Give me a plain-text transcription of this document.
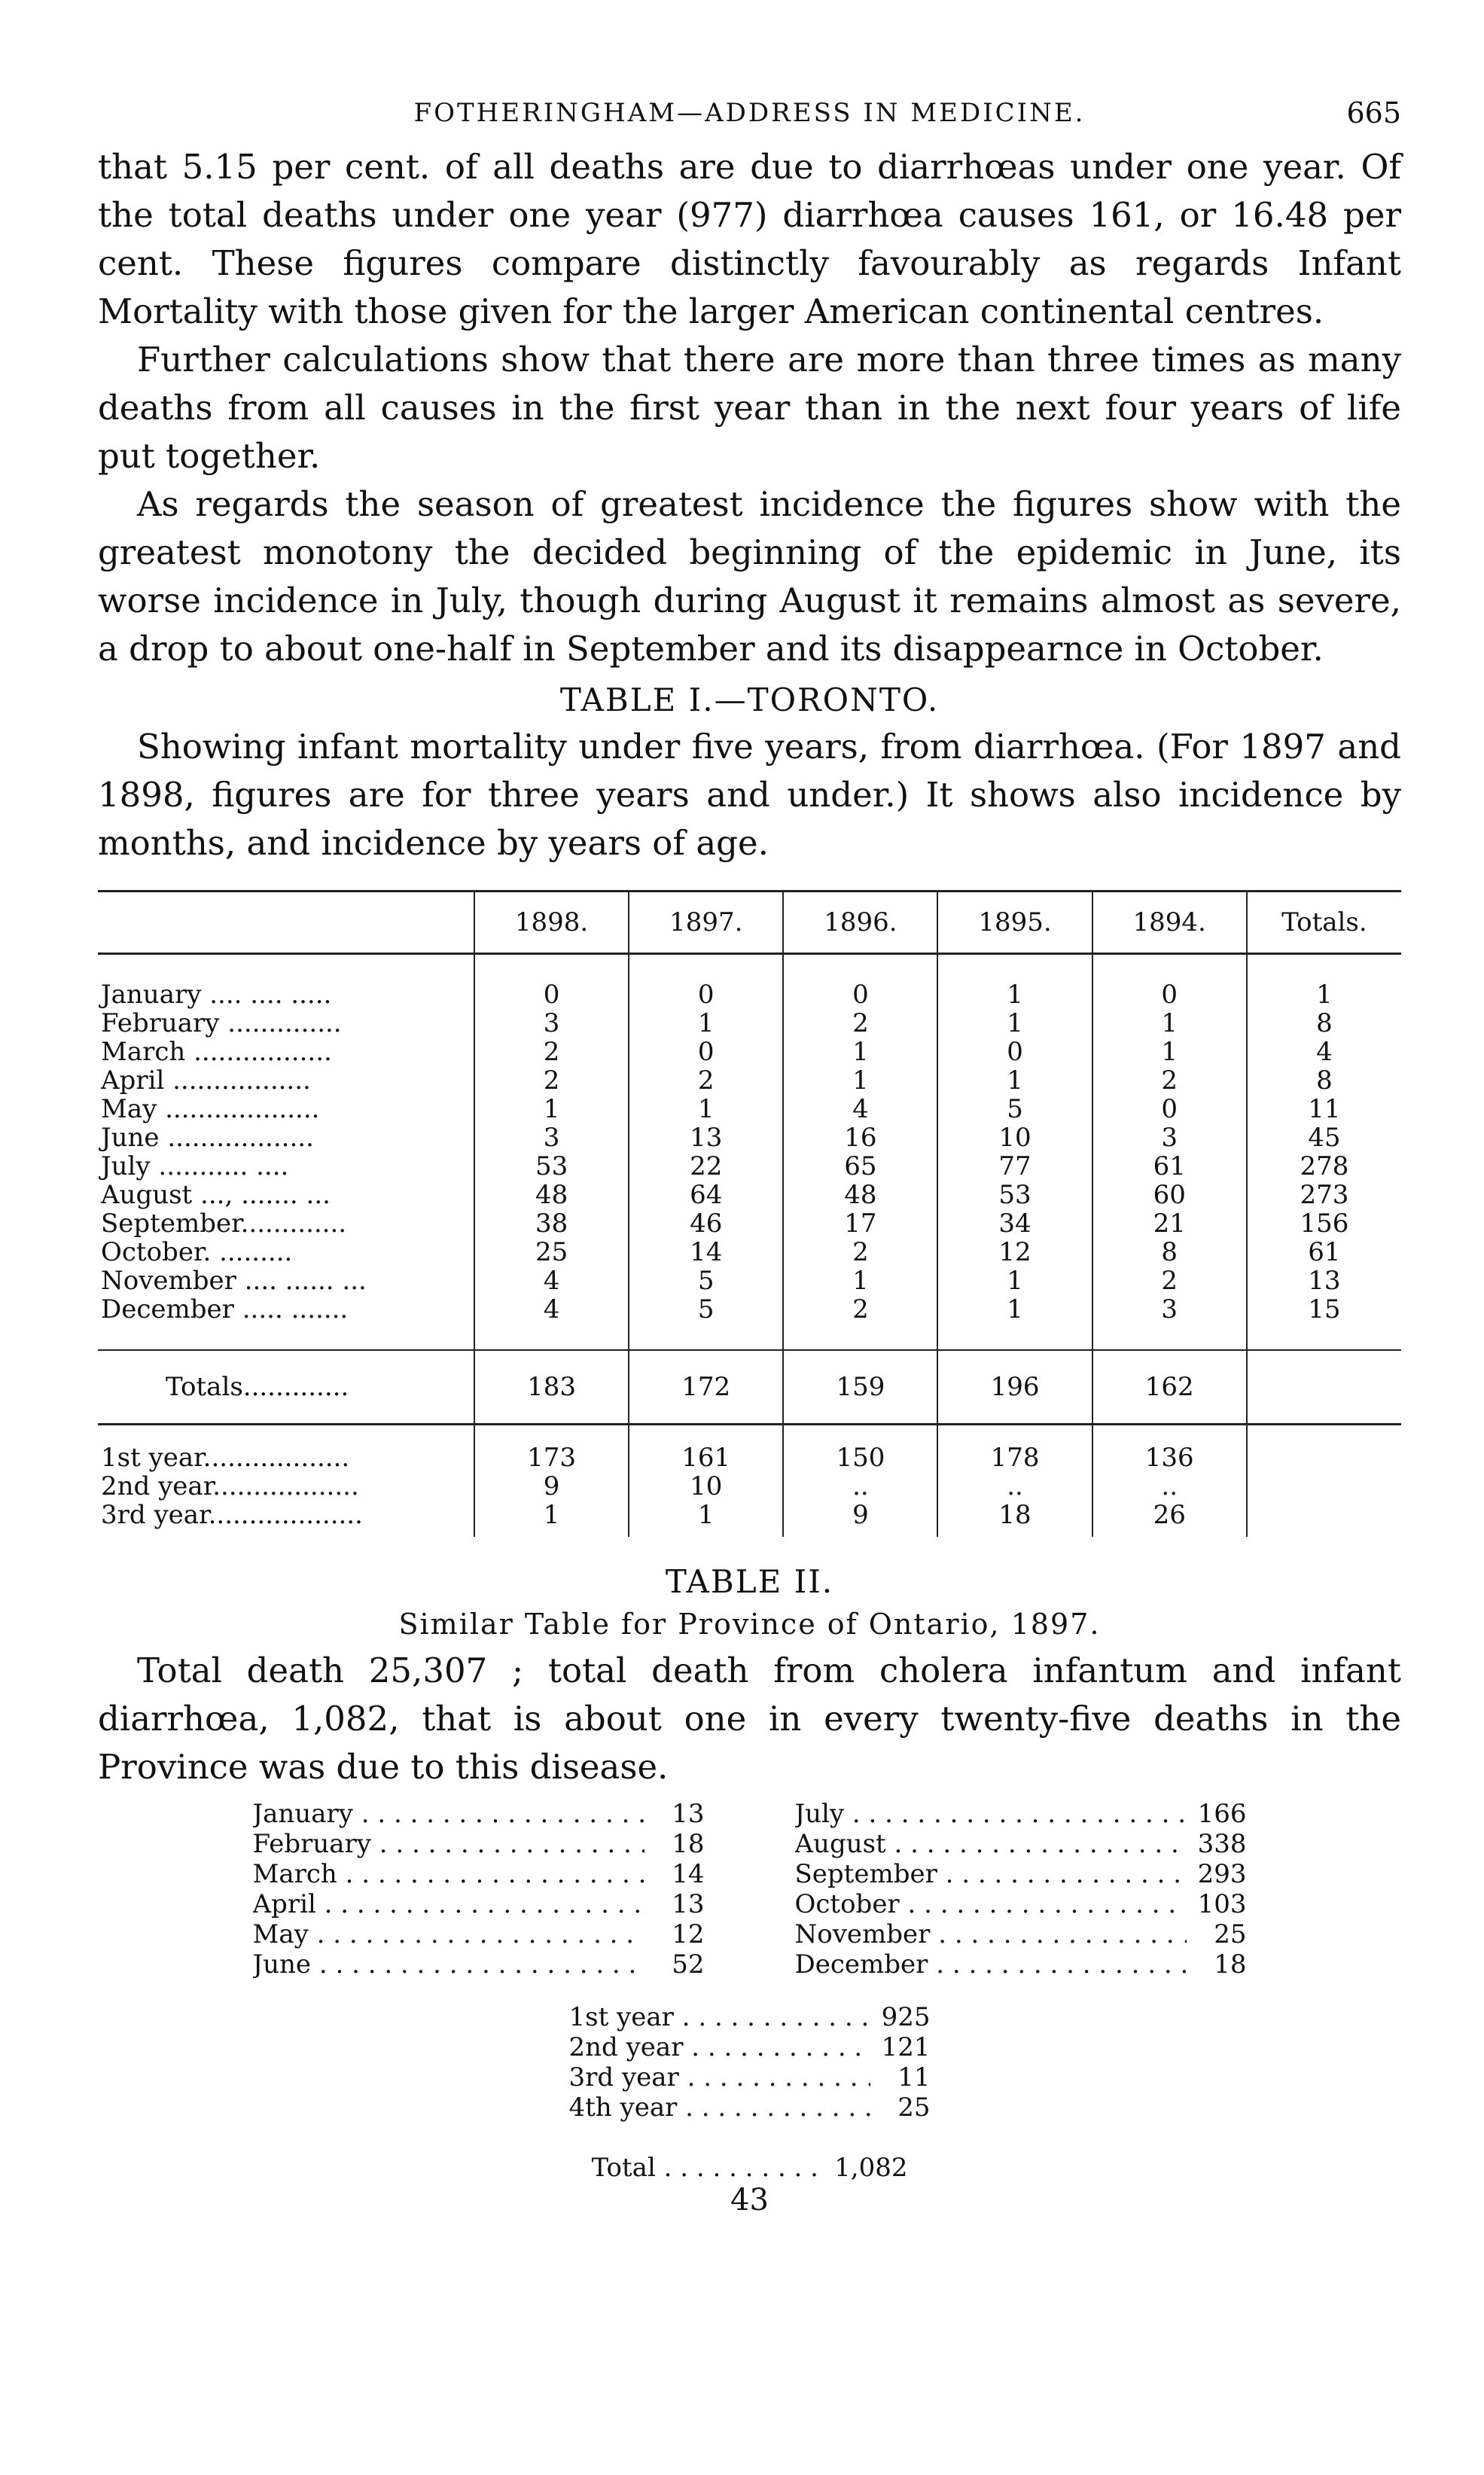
FOTHERINGHAM—ADDRESS IN MEDICINE.	665

that 5.15 per cent. of all deaths are due to diarrhœas under one year. Of the total deaths under one year (977) diarrhœa causes 161, or 16.48 per cent. These figures compare distinctly favourably as regards Infant Mortality with those given for the larger American continental centres.

Further calculations show that there are more than three times as many deaths from all causes in the first year than in the next four years of life put together.

As regards the season of greatest incidence the figures show with the greatest monotony the decided beginning of the epidemic in June, its worse incidence in July, though during August it remains almost as severe, a drop to about one-half in September and its disappearnce in October.

TABLE I.—TORONTO.

Showing infant mortality under five years, from diarrhœa. (For 1897 and 1898, figures are for three years and under.) It shows also incidence by months, and incidence by years of age.

	1898.	1897.	1896.	1895.	1894.	Totals.

January .... .... .....	0	0	0	1	0	1
February ..............	3	1	2	1	1	8
March .................	2	0	1	0	1	4
April .................	2	2	1	1	2	8
May ...................	1	1	4	5	0	11
June ..................	3	13	16	10	3	45
July ........... ....	53	22	65	77	61	278
August ..., ....... ...	48	64	48	53	60	273
September.............	38	46	17	34	21	156
October. .........	25	14	2	12	8	61
November .... ...... ...	4	5	1	1	2	13
December ..... .......	4	5	2	1	3	15

Totals.............	183	172	159	196	162	

1st year..................	173	161	150	178	136	
2nd year..................	9	10	..	..	..	
3rd year...................	1	1	9	18	26	

TABLE II.
Similar Table for Province of Ontario, 1897.

Total death 25,307 ; total death from cholera infantum and infant diarrhœa, 1,082, that is about one in every twenty-five deaths in the Province was due to this disease.

January . . .	13
February . . .	18
March . . .	14
April . . .	13
May . . .	12
June . . .	52
July . . .	166
August . . .	338
September . . .	293
October . . .	103
November . . .	25
December . . .	18
1st year . . .	925
2nd year . . .	121
3rd year . . .	11
4th year . . .	25
Total . . .	1,082
43
